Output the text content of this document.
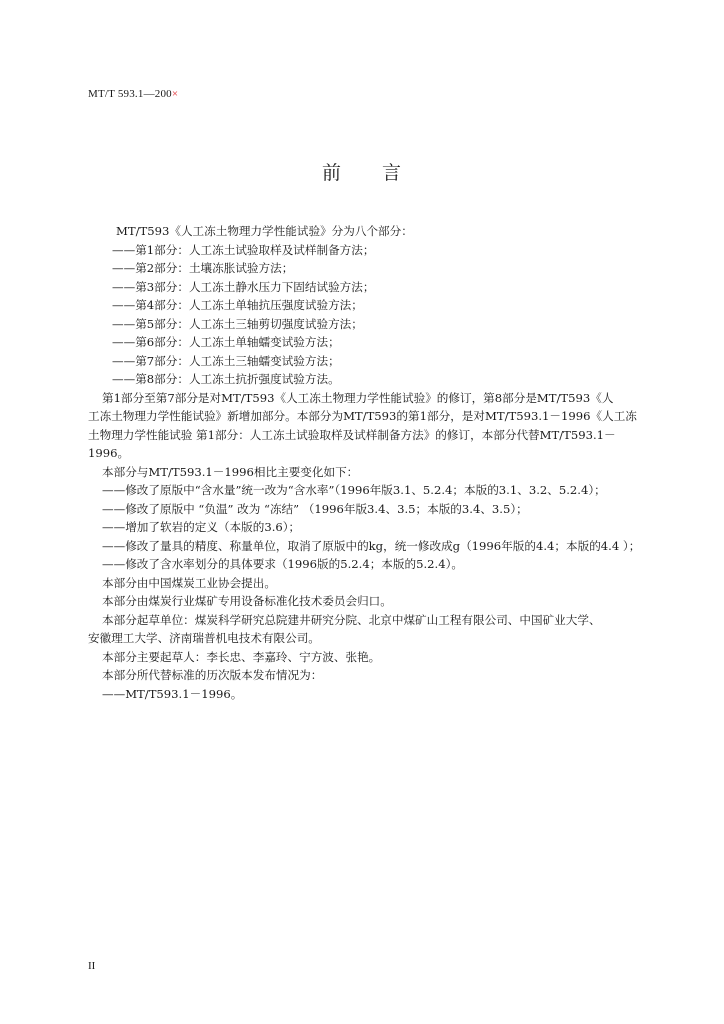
MT/T 593.1—200×
前 言
MT/T593《人工冻土物理力学性能试验》分为八个部分：
——第1部分：人工冻土试验取样及试样制备方法；
——第2部分：土壤冻胀试验方法；
——第3部分：人工冻土静水压力下固结试验方法；
——第4部分：人工冻土单轴抗压强度试验方法；
——第5部分：人工冻土三轴剪切强度试验方法；
——第6部分：人工冻土单轴蠕变试验方法；
——第7部分：人工冻土三轴蠕变试验方法；
——第8部分：人工冻土抗折强度试验方法。
第1部分至第7部分是对MT/T593《人工冻土物理力学性能试验》的修订，第8部分是MT/T593《人
工冻土物理力学性能试验》新增加部分。本部分为MT/T593的第1部分，是对MT/T593.1－1996《人工冻
土物理力学性能试验 第1部分：人工冻土试验取样及试样制备方法》的修订，本部分代替MT/T593.1－
1996。
本部分与MT/T593.1－1996相比主要变化如下：
——修改了原版中“含水量”统一改为“含水率”（1996年版3.1、5.2.4；本版的3.1、3.2、5.2.4）；
——修改了原版中 “负温” 改为 “冻结” （1996年版3.4、3.5；本版的3.4、3.5）；
——增加了软岩的定义（本版的3.6）；
——修改了量具的精度、称量单位，取消了原版中的kg，统一修改成g（1996年版的4.4；本版的4.4 ）；
——修改了含水率划分的具体要求（1996版的5.2.4；本版的5.2.4）。
本部分由中国煤炭工业协会提出。
本部分由煤炭行业煤矿专用设备标准化技术委员会归口。
本部分起草单位：煤炭科学研究总院建井研究分院、北京中煤矿山工程有限公司、中国矿业大学、
安徽理工大学、济南瑞普机电技术有限公司。
本部分主要起草人：李长忠、李嘉玲、宁方波、张艳。
本部分所代替标准的历次版本发布情况为：
——MT/T593.1－1996。
II
